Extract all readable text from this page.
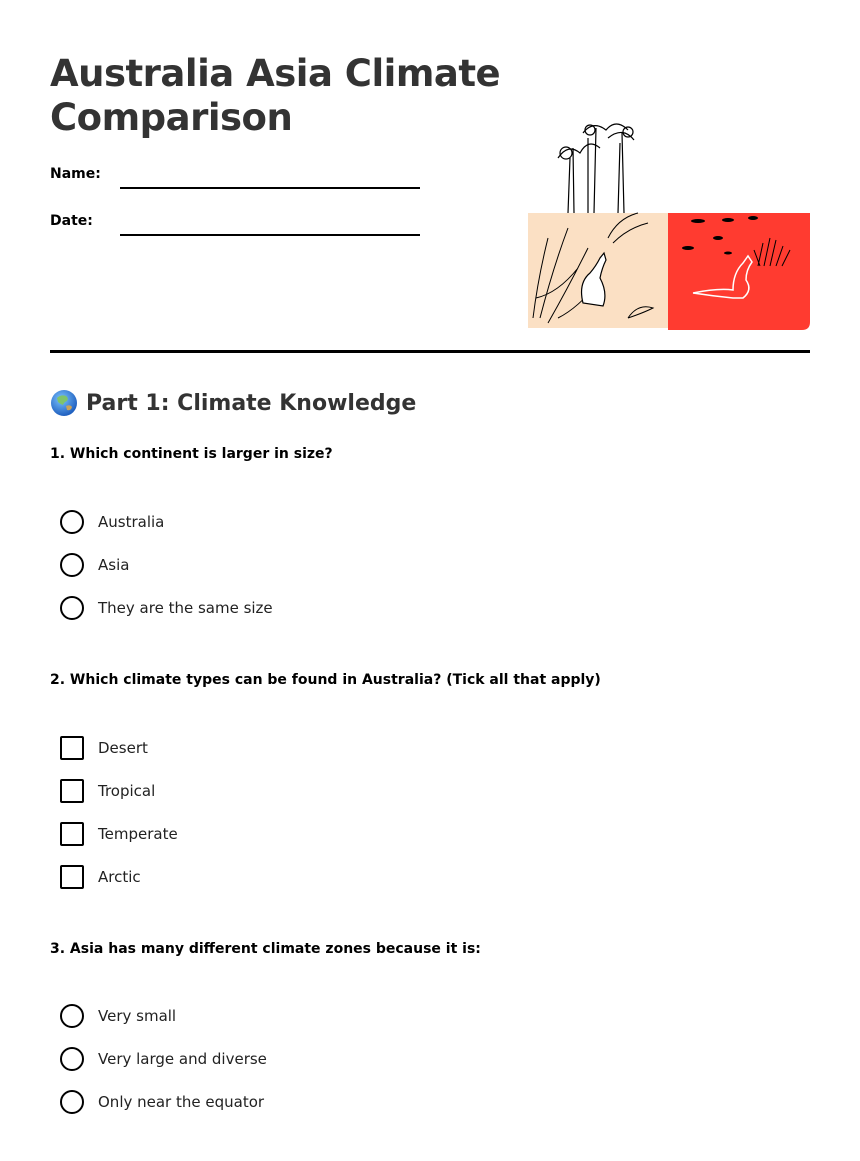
Australia Asia Climate Comparison
Name:
Date:
Part 1: Climate Knowledge
1. Which continent is larger in size?
Australia
Asia
They are the same size
2. Which climate types can be found in Australia? (Tick all that apply)
Desert
Tropical
Temperate
Arctic
3. Asia has many different climate zones because it is:
Very small
Very large and diverse
Only near the equator
